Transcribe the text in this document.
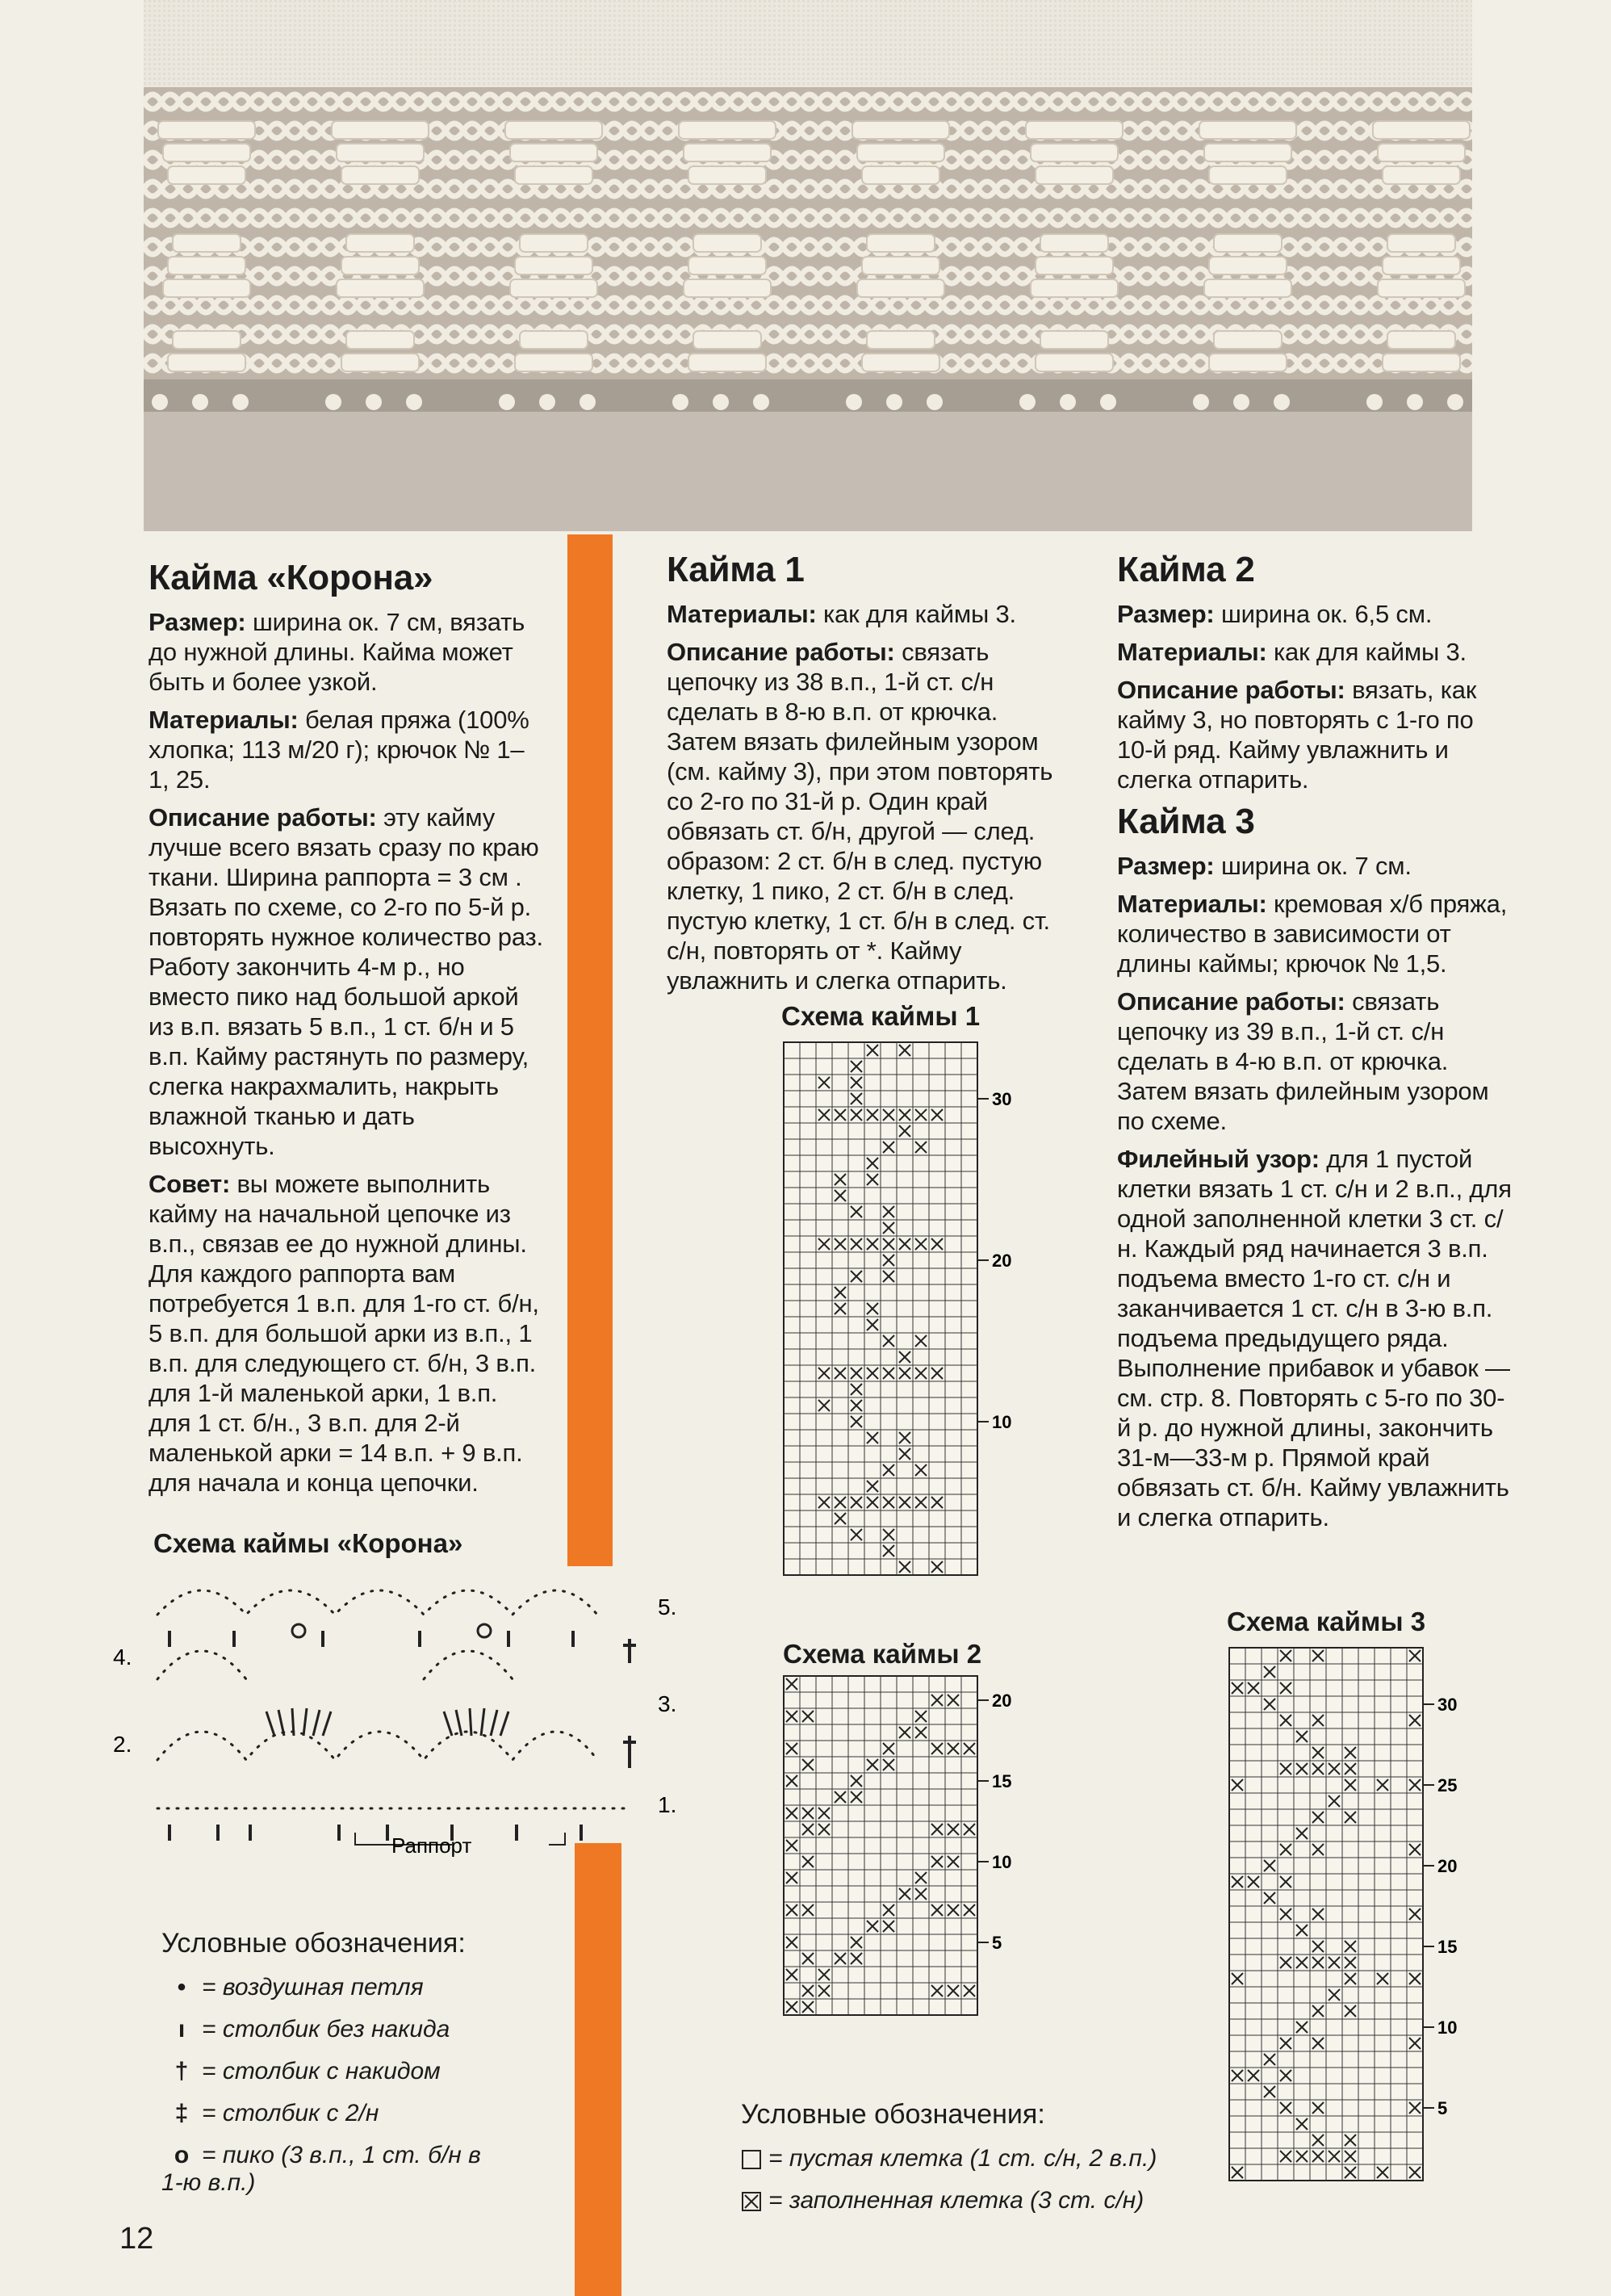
Кайма «Корона»

Размер: ширина ок. 7 см, вязать до нужной длины. Кайма может быть и более узкой.

Материалы: белая пряжа (100% хлопка; 113 м/20 г); крючок № 1–1, 25.

Описание работы: эту кайму лучше всего вязать сразу по краю ткани. Ширина раппорта = 3 см . Вязать по схеме, со 2-го по 5-й р. повторять нужное количество раз. Работу закончить 4-м р., но вместо пико над большой аркой из в.п. вязать 5 в.п., 1 ст. б/н и 5 в.п. Кайму растянуть по размеру, слегка накрахмалить, накрыть влажной тканью и дать высохнуть.

Совет: вы можете выполнить кайму на начальной цепочке из в.п., связав ее до нужной длины. Для каждого раппорта вам потребуется 1 в.п. для 1-го ст. б/н, 5 в.п. для большой арки из в.п., 1 в.п. для следующего ст. б/н, 3 в.п. для 1-й маленькой арки, 1 в.п. для 1 ст. б/н., 3 в.п. для 2-й маленькой арки = 14 в.п. + 9 в.п. для начала и конца цепочки.

Схема каймы «Корона»
Раппорт
1.
2.
3.
4.
5.
Условные обозначения:
• = воздушная петля
ı = столбик без накида
† = столбик с накидом
‡ = столбик с 2/н
o = пико (3 в.п., 1 ст. б/н в 1-ю в.п.)
Кайма 1

Материалы: как для каймы 3.

Описание работы: связать цепочку из 38 в.п., 1-й ст. с/н сделать в 8-ю в.п. от крючка. Затем вязать филейным узором (см. кайму 3), при этом повторять со 2-го по 31-й р. Один край обвязать ст. б/н, другой — след. образом: 2 ст. б/н в след. пустую клетку, 1 пико, 2 ст. б/н в след. пустую клетку, 1 ст. б/н в след. ст. с/н, повторять от *. Кайму увлажнить и слегка отпарить.

Схема каймы 1
30
20
10
Схема каймы 2
20
15
10
5
Условные обозначения:
= пустая клетка (1 ст. с/н, 2 в.п.)
= заполненная клетка (3 ст. с/н)
Кайма 2

Размер: ширина ок. 6,5 см.

Материалы: как для каймы 3.

Описание работы: вязать, как кайму 3, но повторять с 1-го по 10-й ряд. Кайму увлажнить и слегка отпарить.

Кайма 3

Размер: ширина ок. 7 см.

Материалы: кремовая х/б пряжа, количество в зависимости от длины каймы; крючок № 1,5.

Описание работы: связать цепочку из 39 в.п., 1-й ст. с/н сделать в 4-ю в.п. от крючка. Затем вязать филейным узором по схеме.

Филейный узор: для 1 пустой клетки вязать 1 ст. с/н и 2 в.п., для одной заполненной клетки 3 ст. с/н. Каждый ряд начинается 3 в.п. подъема вместо 1-го ст. с/н и заканчивается 1 ст. с/н в 3-ю в.п. подъема предыдущего ряда. Выполнение прибавок и убавок — см. стр. 8. Повторять с 5-го по 30-й р. до нужной длины, закончить 31-м—33-м р. Прямой край обвязать ст. б/н. Кайму увлажнить и слегка отпарить.

Схема каймы 3
30
25
20
15
10
5
12
